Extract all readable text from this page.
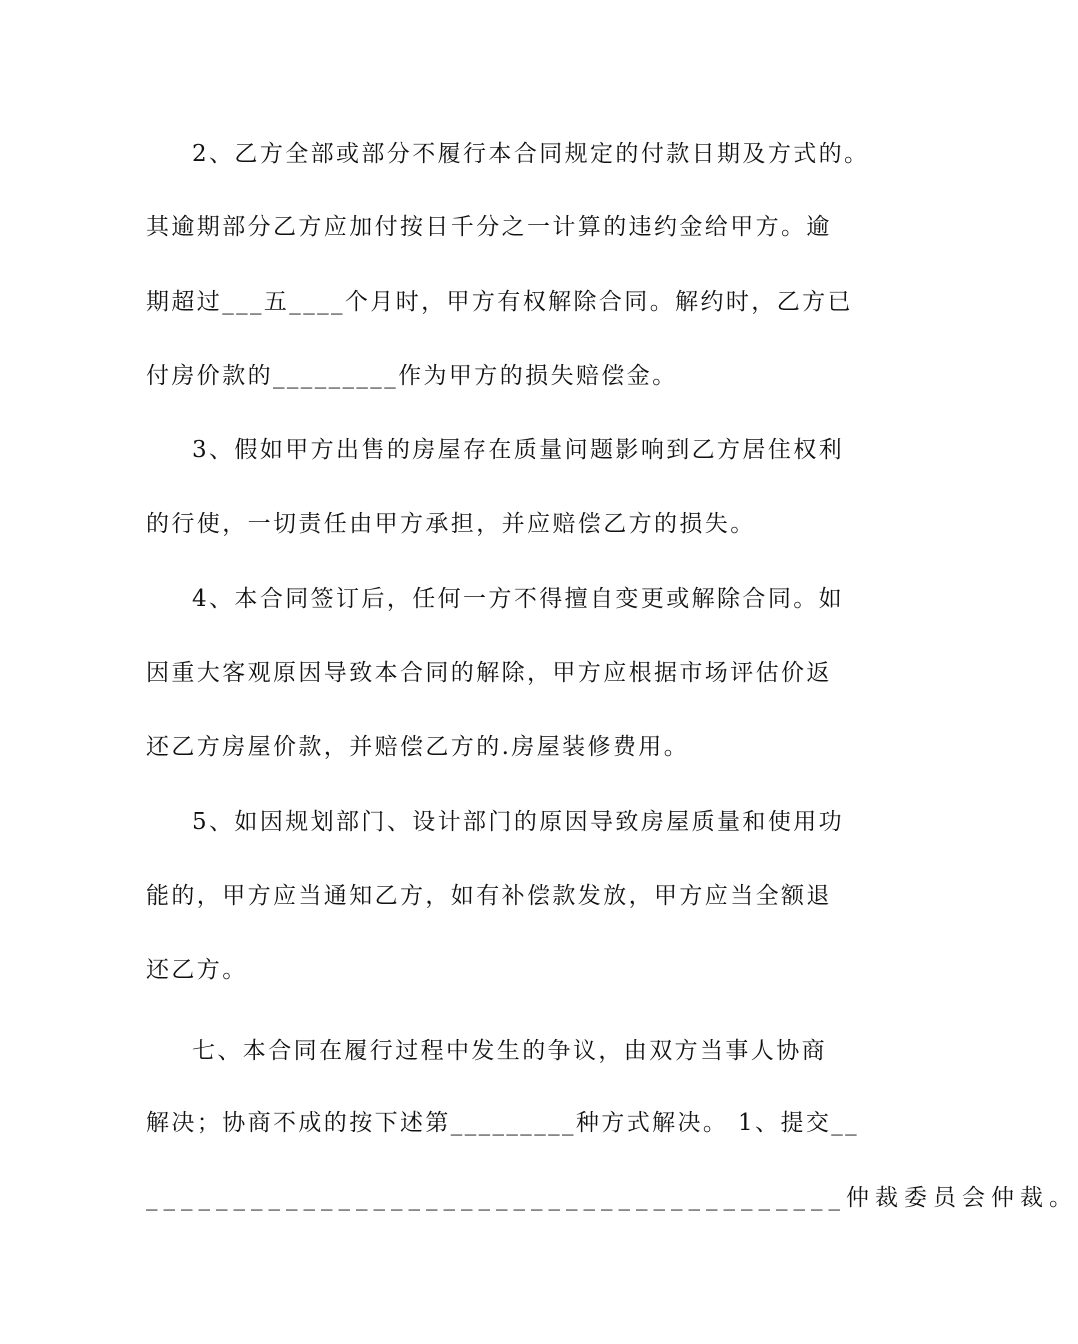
2、乙方全部或部分不履行本合同规定的付款日期及方式的。
其逾期部分乙方应加付按日千分之一计算的违约金给甲方。逾
期超过___五____个月时，甲方有权解除合同。解约时，乙方已
付房价款的_________作为甲方的损失赔偿金。
3、假如甲方出售的房屋存在质量问题影响到乙方居住权利
的行使，一切责任由甲方承担，并应赔偿乙方的损失。
4、本合同签订后，任何一方不得擅自变更或解除合同。如
因重大客观原因导致本合同的解除，甲方应根据市场评估价返
还乙方房屋价款，并赔偿乙方的.房屋装修费用。
5、如因规划部门、设计部门的原因导致房屋质量和使用功
能的，甲方应当通知乙方，如有补偿款发放，甲方应当全额退
还乙方。
七、本合同在履行过程中发生的争议，由双方当事人协商
解决；协商不成的按下述第_________种方式解决。 1、提交__
________________________________________仲裁委员会仲裁。
